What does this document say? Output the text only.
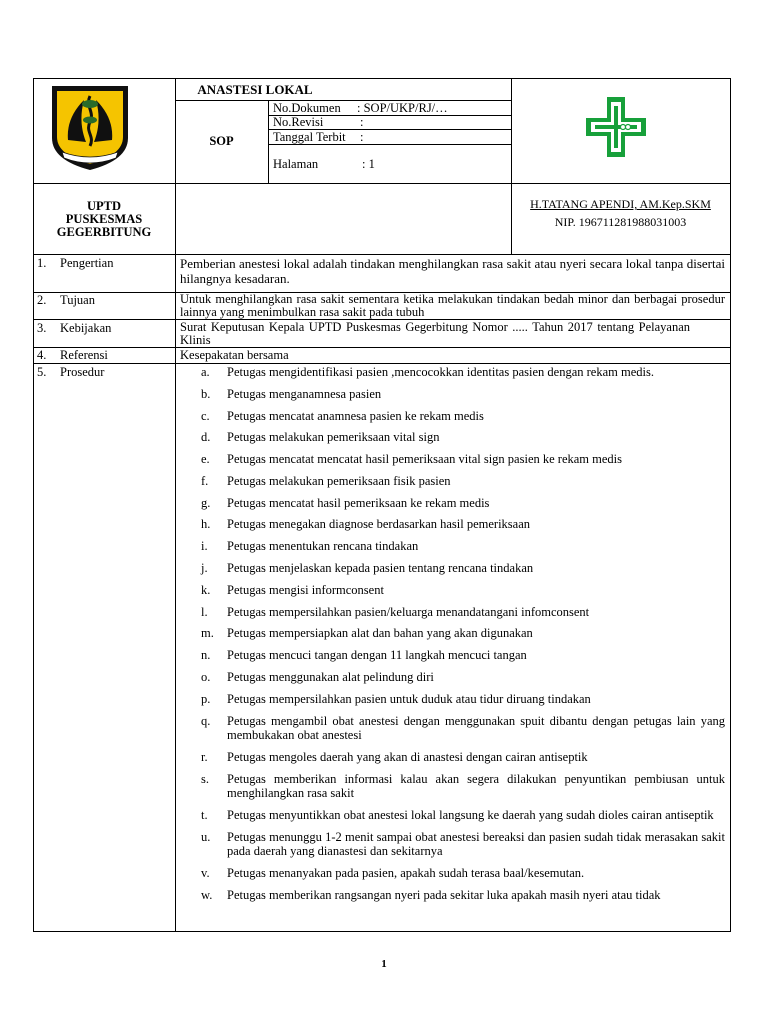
ANASTESI LOKAL
SOP
No.Dokumen : SOP/UKP/RJ/…
No.Revisi	:
Tanggal Terbit :
Halaman	: 1
UPTD
PUSKESMAS
GEGERBITUNG
H.TATANG APENDI, AM.Kep.SKM
NIP. 196711281988031003
1. Pengertian	Pemberian anestesi lokal adalah tindakan menghilangkan rasa sakit atau nyeri secara lokal tanpa disertai hilangnya kesadaran.
2. Tujuan	Untuk menghilangkan rasa sakit sementara ketika melakukan tindakan bedah minor dan berbagai prosedur lainnya yang menimbulkan rasa sakit pada tubuh
3. Kebijakan	Surat Keputusan Kepala UPTD Puskesmas Gegerbitung Nomor ..... Tahun 2017 tentang Pelayanan Klinis
4. Referensi	Kesepakatan bersama
5. Prosedur	a. Petugas mengidentifikasi pasien ,mencocokkan identitas pasien dengan rekam medis.
b. Petugas menganamnesa pasien
c. Petugas mencatat anamnesa pasien ke rekam medis
d. Petugas melakukan pemeriksaan vital sign
e. Petugas mencatat mencatat hasil pemeriksaan vital sign pasien ke rekam medis
f. Petugas melakukan pemeriksaan fisik pasien
g. Petugas mencatat hasil pemeriksaan ke rekam medis
h. Petugas menegakan diagnose berdasarkan hasil pemeriksaan
i. Petugas menentukan rencana tindakan
j. Petugas menjelaskan kepada pasien tentang rencana tindakan
k. Petugas mengisi informconsent
l. Petugas mempersilahkan pasien/keluarga menandatangani infomconsent
m. Petugas mempersiapkan alat dan bahan yang akan digunakan
n. Petugas mencuci tangan dengan 11 langkah mencuci tangan
o. Petugas menggunakan alat pelindung diri
p. Petugas mempersilahkan pasien untuk duduk atau tidur diruang tindakan
q. Petugas mengambil obat anestesi dengan menggunakan spuit dibantu dengan petugas lain yang membukakan obat anestesi
r. Petugas mengoles daerah yang akan di anastesi dengan cairan antiseptik
s. Petugas memberikan informasi kalau akan segera dilakukan penyuntikan pembiusan untuk menghilangkan rasa sakit
t. Petugas menyuntikkan obat anestesi lokal langsung ke daerah yang sudah dioles cairan antiseptik
u. Petugas menunggu 1-2 menit sampai obat anestesi bereaksi dan pasien sudah tidak merasakan sakit pada daerah yang dianastesi dan sekitarnya
v. Petugas menanyakan pada pasien, apakah sudah terasa baal/kesemutan.
w. Petugas memberikan rangsangan nyeri pada sekitar luka apakah masih nyeri atau tidak
1
